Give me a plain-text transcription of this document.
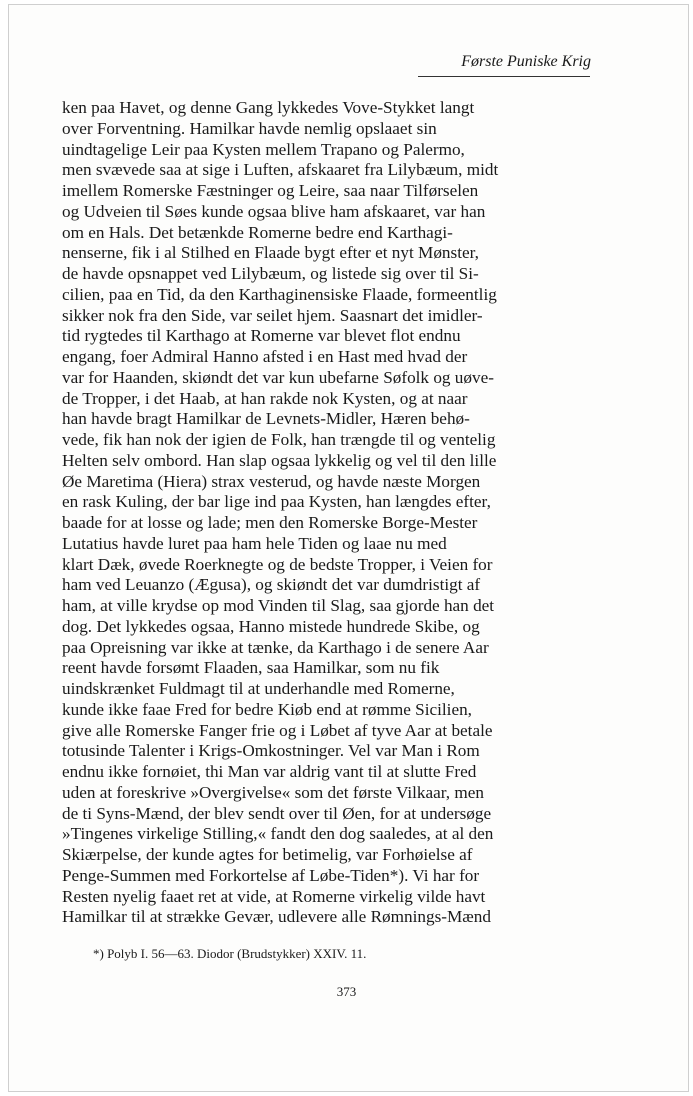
Første Puniske Krig
ken paa Havet, og denne Gang lykkedes Vove-Stykket langt
over Forventning. Hamilkar havde nemlig opslaaet sin
uindtagelige Leir paa Kysten mellem Trapano og Palermo,
men svævede saa at sige i Luften, afskaaret fra Lilybæum, midt
imellem Romerske Fæstninger og Leire, saa naar Tilførselen
og Udveien til Søes kunde ogsaa blive ham afskaaret, var han
om en Hals. Det betænkde Romerne bedre end Karthagi-
nenserne, fik i al Stilhed en Flaade bygt efter et nyt Mønster,
de havde opsnappet ved Lilybæum, og listede sig over til Si-
cilien, paa en Tid, da den Karthaginensiske Flaade, formeentlig
sikker nok fra den Side, var seilet hjem. Saasnart det imidler-
tid rygtedes til Karthago at Romerne var blevet flot endnu
engang, foer Admiral Hanno afsted i en Hast med hvad der
var for Haanden, skiøndt det var kun ubefarne Søfolk og uøve-
de Tropper, i det Haab, at han rakde nok Kysten, og at naar
han havde bragt Hamilkar de Levnets-Midler, Hæren behø-
vede, fik han nok der igien de Folk, han trængde til og ventelig
Helten selv ombord. Han slap ogsaa lykkelig og vel til den lille
Øe Maretima (Hiera) strax vesterud, og havde næste Morgen
en rask Kuling, der bar lige ind paa Kysten, han længdes efter,
baade for at losse og lade; men den Romerske Borge-Mester
Lutatius havde luret paa ham hele Tiden og laae nu med
klart Dæk, øvede Roerknegte og de bedste Tropper, i Veien for
ham ved Leuanzo (Ægusa), og skiøndt det var dumdristigt af
ham, at ville krydse op mod Vinden til Slag, saa gjorde han det
dog. Det lykkedes ogsaa, Hanno mistede hundrede Skibe, og
paa Opreisning var ikke at tænke, da Karthago i de senere Aar
reent havde forsømt Flaaden, saa Hamilkar, som nu fik
uindskrænket Fuldmagt til at underhandle med Romerne,
kunde ikke faae Fred for bedre Kiøb end at rømme Sicilien,
give alle Romerske Fanger frie og i Løbet af tyve Aar at betale
totusinde Talenter i Krigs-Omkostninger. Vel var Man i Rom
endnu ikke fornøiet, thi Man var aldrig vant til at slutte Fred
uden at foreskrive »Overgivelse« som det første Vilkaar, men
de ti Syns-Mænd, der blev sendt over til Øen, for at undersøge
»Tingenes virkelige Stilling,« fandt den dog saaledes, at al den
Skiærpelse, der kunde agtes for betimelig, var Forhøielse af
Penge-Summen med Forkortelse af Løbe-Tiden*). Vi har for
Resten nyelig faaet ret at vide, at Romerne virkelig vilde havt
Hamilkar til at strække Gevær, udlevere alle Rømnings-Mænd
*) Polyb I. 56—63. Diodor (Brudstykker) XXIV. 11.
373
